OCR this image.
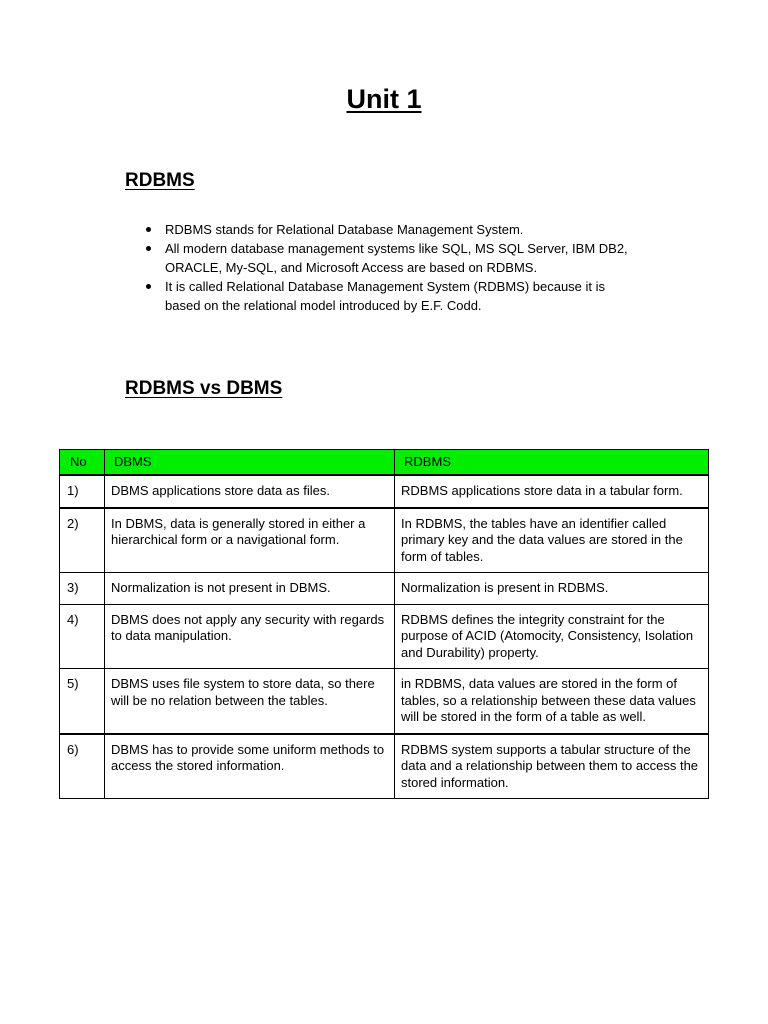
Unit 1
RDBMS
RDBMS stands for Relational Database Management System.
All modern database management systems like SQL, MS SQL Server, IBM DB2, ORACLE, My-SQL, and Microsoft Access are based on RDBMS.
It is called Relational Database Management System (RDBMS) because it is based on the relational model introduced by E.F. Codd.
RDBMS vs DBMS
No	DBMS	RDBMS
1)	DBMS applications store data as files.	RDBMS applications store data in a tabular form.
2)	In DBMS, data is generally stored in either a hierarchical form or a navigational form.	In RDBMS, the tables have an identifier called primary key and the data values are stored in the form of tables.
3)	Normalization is not present in DBMS.	Normalization is present in RDBMS.
4)	DBMS does not apply any security with regards to data manipulation.	RDBMS defines the integrity constraint for the purpose of ACID (Atomocity, Consistency, Isolation and Durability) property.
5)	DBMS uses file system to store data, so there will be no relation between the tables.	in RDBMS, data values are stored in the form of tables, so a relationship between these data values will be stored in the form of a table as well.
6)	DBMS has to provide some uniform methods to access the stored information.	RDBMS system supports a tabular structure of the data and a relationship between them to access the stored information.
